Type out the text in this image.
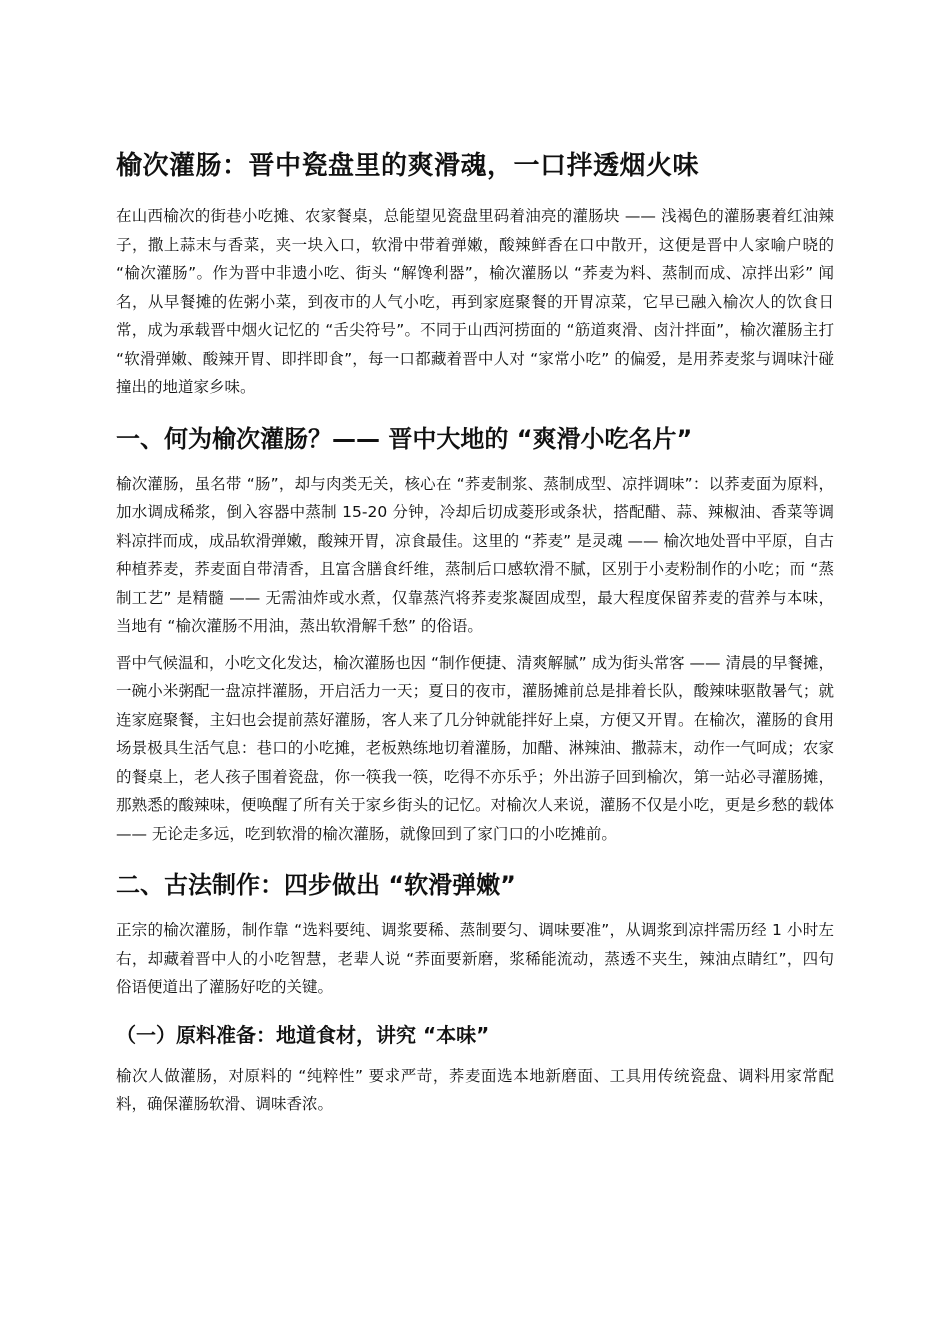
榆次灌肠：晋中瓷盘里的爽滑魂，一口拌透烟火味

在山西榆次的街巷小吃摊、农家餐桌，总能望见瓷盘里码着油亮的灌肠块 —— 浅褐色的灌肠裹着红油辣子，撒上蒜末与香菜，夹一块入口，软滑中带着弹嫩，酸辣鲜香在口中散开，这便是晋中人家喻户晓的 “榆次灌肠”。作为晋中非遗小吃、街头 “解馋利器”，榆次灌肠以 “荞麦为料、蒸制而成、凉拌出彩” 闻名，从早餐摊的佐粥小菜，到夜市的人气小吃，再到家庭聚餐的开胃凉菜，它早已融入榆次人的饮食日常，成为承载晋中烟火记忆的 “舌尖符号”。不同于山西河捞面的 “筋道爽滑、卤汁拌面”，榆次灌肠主打 “软滑弹嫩、酸辣开胃、即拌即食”，每一口都藏着晋中人对 “家常小吃” 的偏爱，是用荞麦浆与调味汁碰撞出的地道家乡味。

一、何为榆次灌肠？—— 晋中大地的 “爽滑小吃名片”

榆次灌肠，虽名带 “肠”，却与肉类无关，核心在 “荞麦制浆、蒸制成型、凉拌调味”：以荞麦面为原料，加水调成稀浆，倒入容器中蒸制 15-20 分钟，冷却后切成菱形或条状，搭配醋、蒜、辣椒油、香菜等调料凉拌而成，成品软滑弹嫩，酸辣开胃，凉食最佳。这里的 “荞麦” 是灵魂 —— 榆次地处晋中平原，自古种植荞麦，荞麦面自带清香，且富含膳食纤维，蒸制后口感软滑不腻，区别于小麦粉制作的小吃；而 “蒸制工艺” 是精髓 —— 无需油炸或水煮，仅靠蒸汽将荞麦浆凝固成型，最大程度保留荞麦的营养与本味，当地有 “榆次灌肠不用油，蒸出软滑解千愁” 的俗语。

晋中气候温和，小吃文化发达，榆次灌肠也因 “制作便捷、清爽解腻” 成为街头常客 —— 清晨的早餐摊，一碗小米粥配一盘凉拌灌肠，开启活力一天；夏日的夜市，灌肠摊前总是排着长队，酸辣味驱散暑气；就连家庭聚餐，主妇也会提前蒸好灌肠，客人来了几分钟就能拌好上桌，方便又开胃。在榆次，灌肠的食用场景极具生活气息：巷口的小吃摊，老板熟练地切着灌肠，加醋、淋辣油、撒蒜末，动作一气呵成；农家的餐桌上，老人孩子围着瓷盘，你一筷我一筷，吃得不亦乐乎；外出游子回到榆次，第一站必寻灌肠摊，那熟悉的酸辣味，便唤醒了所有关于家乡街头的记忆。对榆次人来说，灌肠不仅是小吃，更是乡愁的载体 —— 无论走多远，吃到软滑的榆次灌肠，就像回到了家门口的小吃摊前。

二、古法制作：四步做出 “软滑弹嫩”

正宗的榆次灌肠，制作靠 “选料要纯、调浆要稀、蒸制要匀、调味要准”，从调浆到凉拌需历经 1 小时左右，却藏着晋中人的小吃智慧，老辈人说 “荞面要新磨，浆稀能流动，蒸透不夹生，辣油点睛红”，四句俗语便道出了灌肠好吃的关键。

（一）原料准备：地道食材，讲究 “本味”

榆次人做灌肠，对原料的 “纯粹性” 要求严苛，荞麦面选本地新磨面、工具用传统瓷盘、调料用家常配料，确保灌肠软滑、调味香浓。
